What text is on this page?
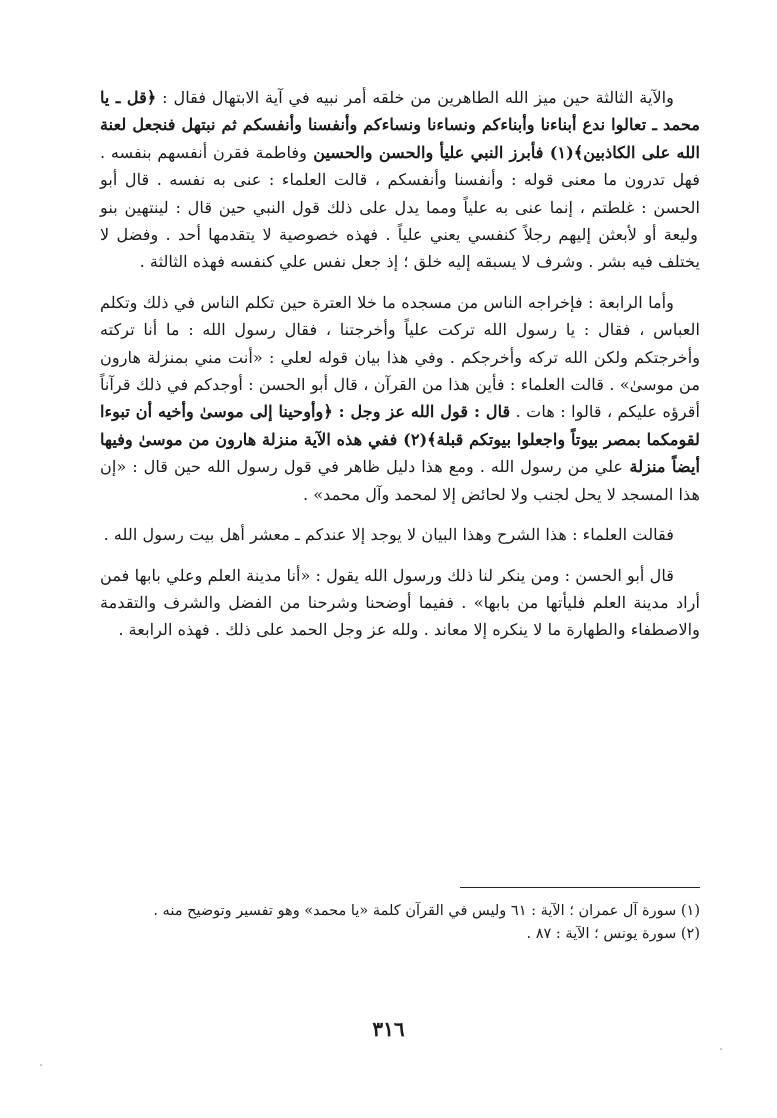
والآية الثالثة حين ميز الله الطاهرين من خلقه أمر نبيه في آية الابتهال فقال : ﴿قل ـ يا محمد ـ تعالوا ندع أبناءنا وأبناءكم ونساءنا ونساءكم وأنفسنا وأنفسكم ثم نبتهل فنجعل لعنة الله على الكاذبين﴾(١) فأبرز النبي عليأ والحسن والحسين وفاطمة فقرن أنفسهم بنفسه . فهل تدرون ما معنى قوله : وأنفسنا وأنفسكم ، قالت العلماء : عنى به نفسه . قال أبو الحسن : غلطتم ، إنما عنى به علياً ومما يدل على ذلك قول النبي حين قال : لينتهين بنو وليعة أو لأبعثن إليهم رجلاً كنفسي يعني علياً . فهذه خصوصية لا يتقدمها أحد . وفضل لا يختلف فيه بشر . وشرف لا يسبقه إليه خلق ؛ إذ جعل نفس علي كنفسه فهذه الثالثة .

وأما الرابعة : فإخراجه الناس من مسجده ما خلا العترة حين تكلم الناس في ذلك وتكلم العباس ، فقال : يا رسول الله تركت علياً وأخرجتنا ، فقال رسول الله : ما أنا تركته وأخرجتكم ولكن الله تركه وأخرجكم . وفي هذا بيان قوله لعلي : «أنت مني بمنزلة هارون من موسىٰ» . قالت العلماء : فأين هذا من القرآن ، قال أبو الحسن : أوجدكم في ذلك قرآناً أقرؤه عليكم ، قالوا : هات . قال : قول الله عز وجل : ﴿وأوحينا إلى موسىٰ وأخيه أن تبوءا لقومكما بمصر بيوتاً واجعلوا بيوتكم قبلة﴾(٢) ففي هذه الآية منزلة هارون من موسىٰ وفيها أيضاً منزلة علي من رسول الله . ومع هذا دليل ظاهر في قول رسول الله حين قال : «إن هذا المسجد لا يحل لجنب ولا لحائض إلا لمحمد وآل محمد» .

فقالت العلماء : هذا الشرح وهذا البيان لا يوجد إلا عندكم ـ معشر أهل بيت رسول الله .

قال أبو الحسن : ومن ينكر لنا ذلك ورسول الله يقول : «أنا مدينة العلم وعلي بابها فمن أراد مدينة العلم فليأتها من بابها» . ففيما أوضحنا وشرحنا من الفضل والشرف والتقدمة والاصطفاء والطهارة ما لا ينكره إلا معاند . ولله عز وجل الحمد على ذلك . فهذه الرابعة .

(١) سورة آل عمران ؛ الآية : ٦١ وليس في القرآن كلمة «يا محمد» وهو تفسير وتوضيح منه .

(٢) سورة يونس ؛ الآية : ٨٧ .

٣١٦
